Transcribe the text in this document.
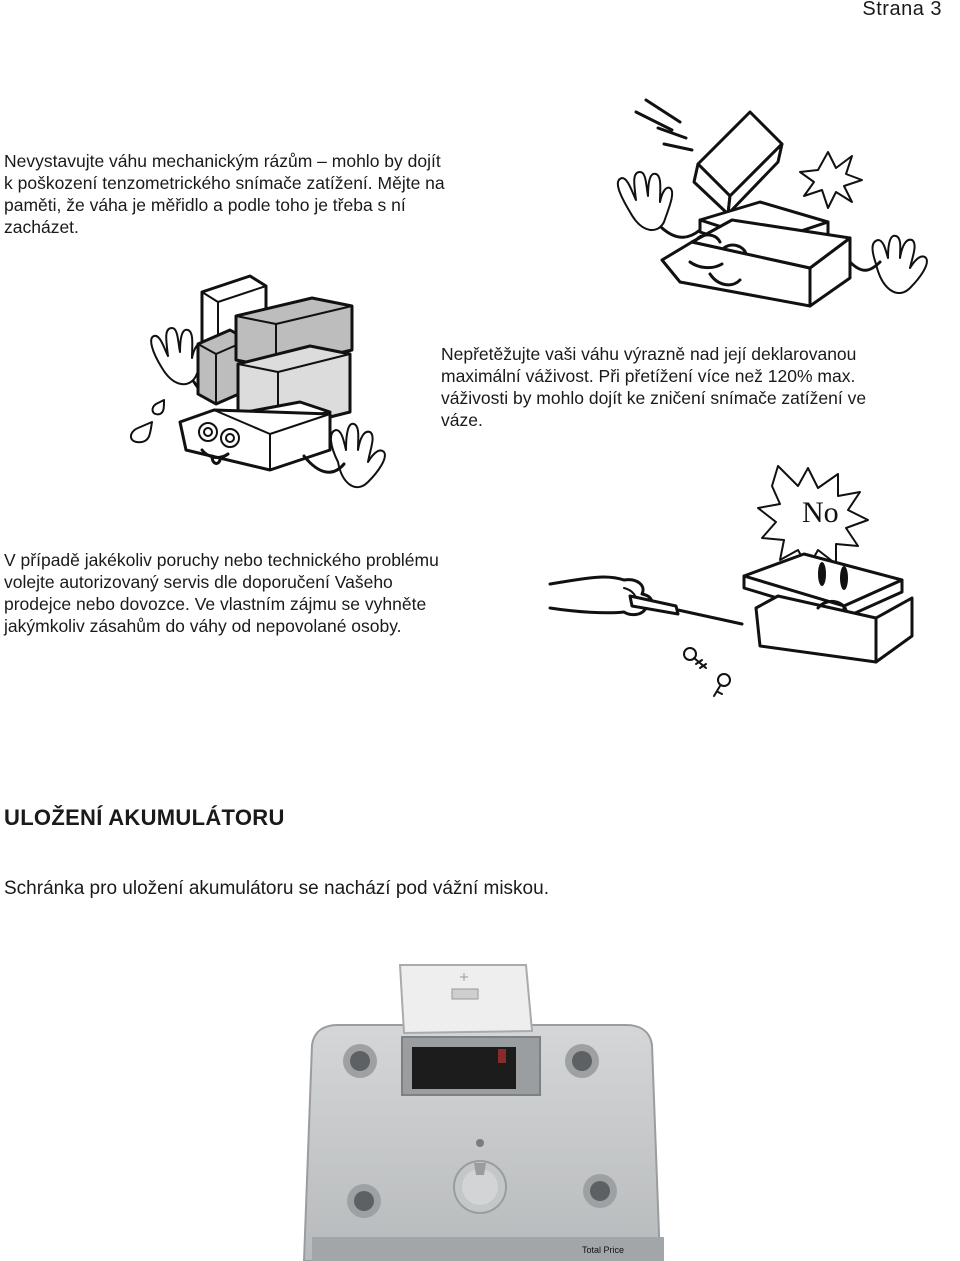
Strana 3

Nevystavujte váhu mechanickým rázům – mohlo by dojít
k poškození tenzometrického snímače zatížení. Mějte na
paměti, že váha je měřidlo a podle toho je třeba s ní
zacházet.

Nepřetěžujte vaši váhu výrazně nad její deklarovanou
maximální váživost. Při přetížení více než 120% max.
váživosti by mohlo dojít ke zničení snímače zatížení ve
váze.

V případě jakékoliv poruchy nebo technického problému
volejte autorizovaný servis dle doporučení Vašeho
prodejce nebo dovozce. Ve vlastním zájmu se vyhněte
jakýmkoliv zásahům do váhy od nepovolané osoby.

No
ULOŽENÍ AKUMULÁTORU
Schránka pro uložení akumulátoru se nachází pod vážní miskou.
Total Price
